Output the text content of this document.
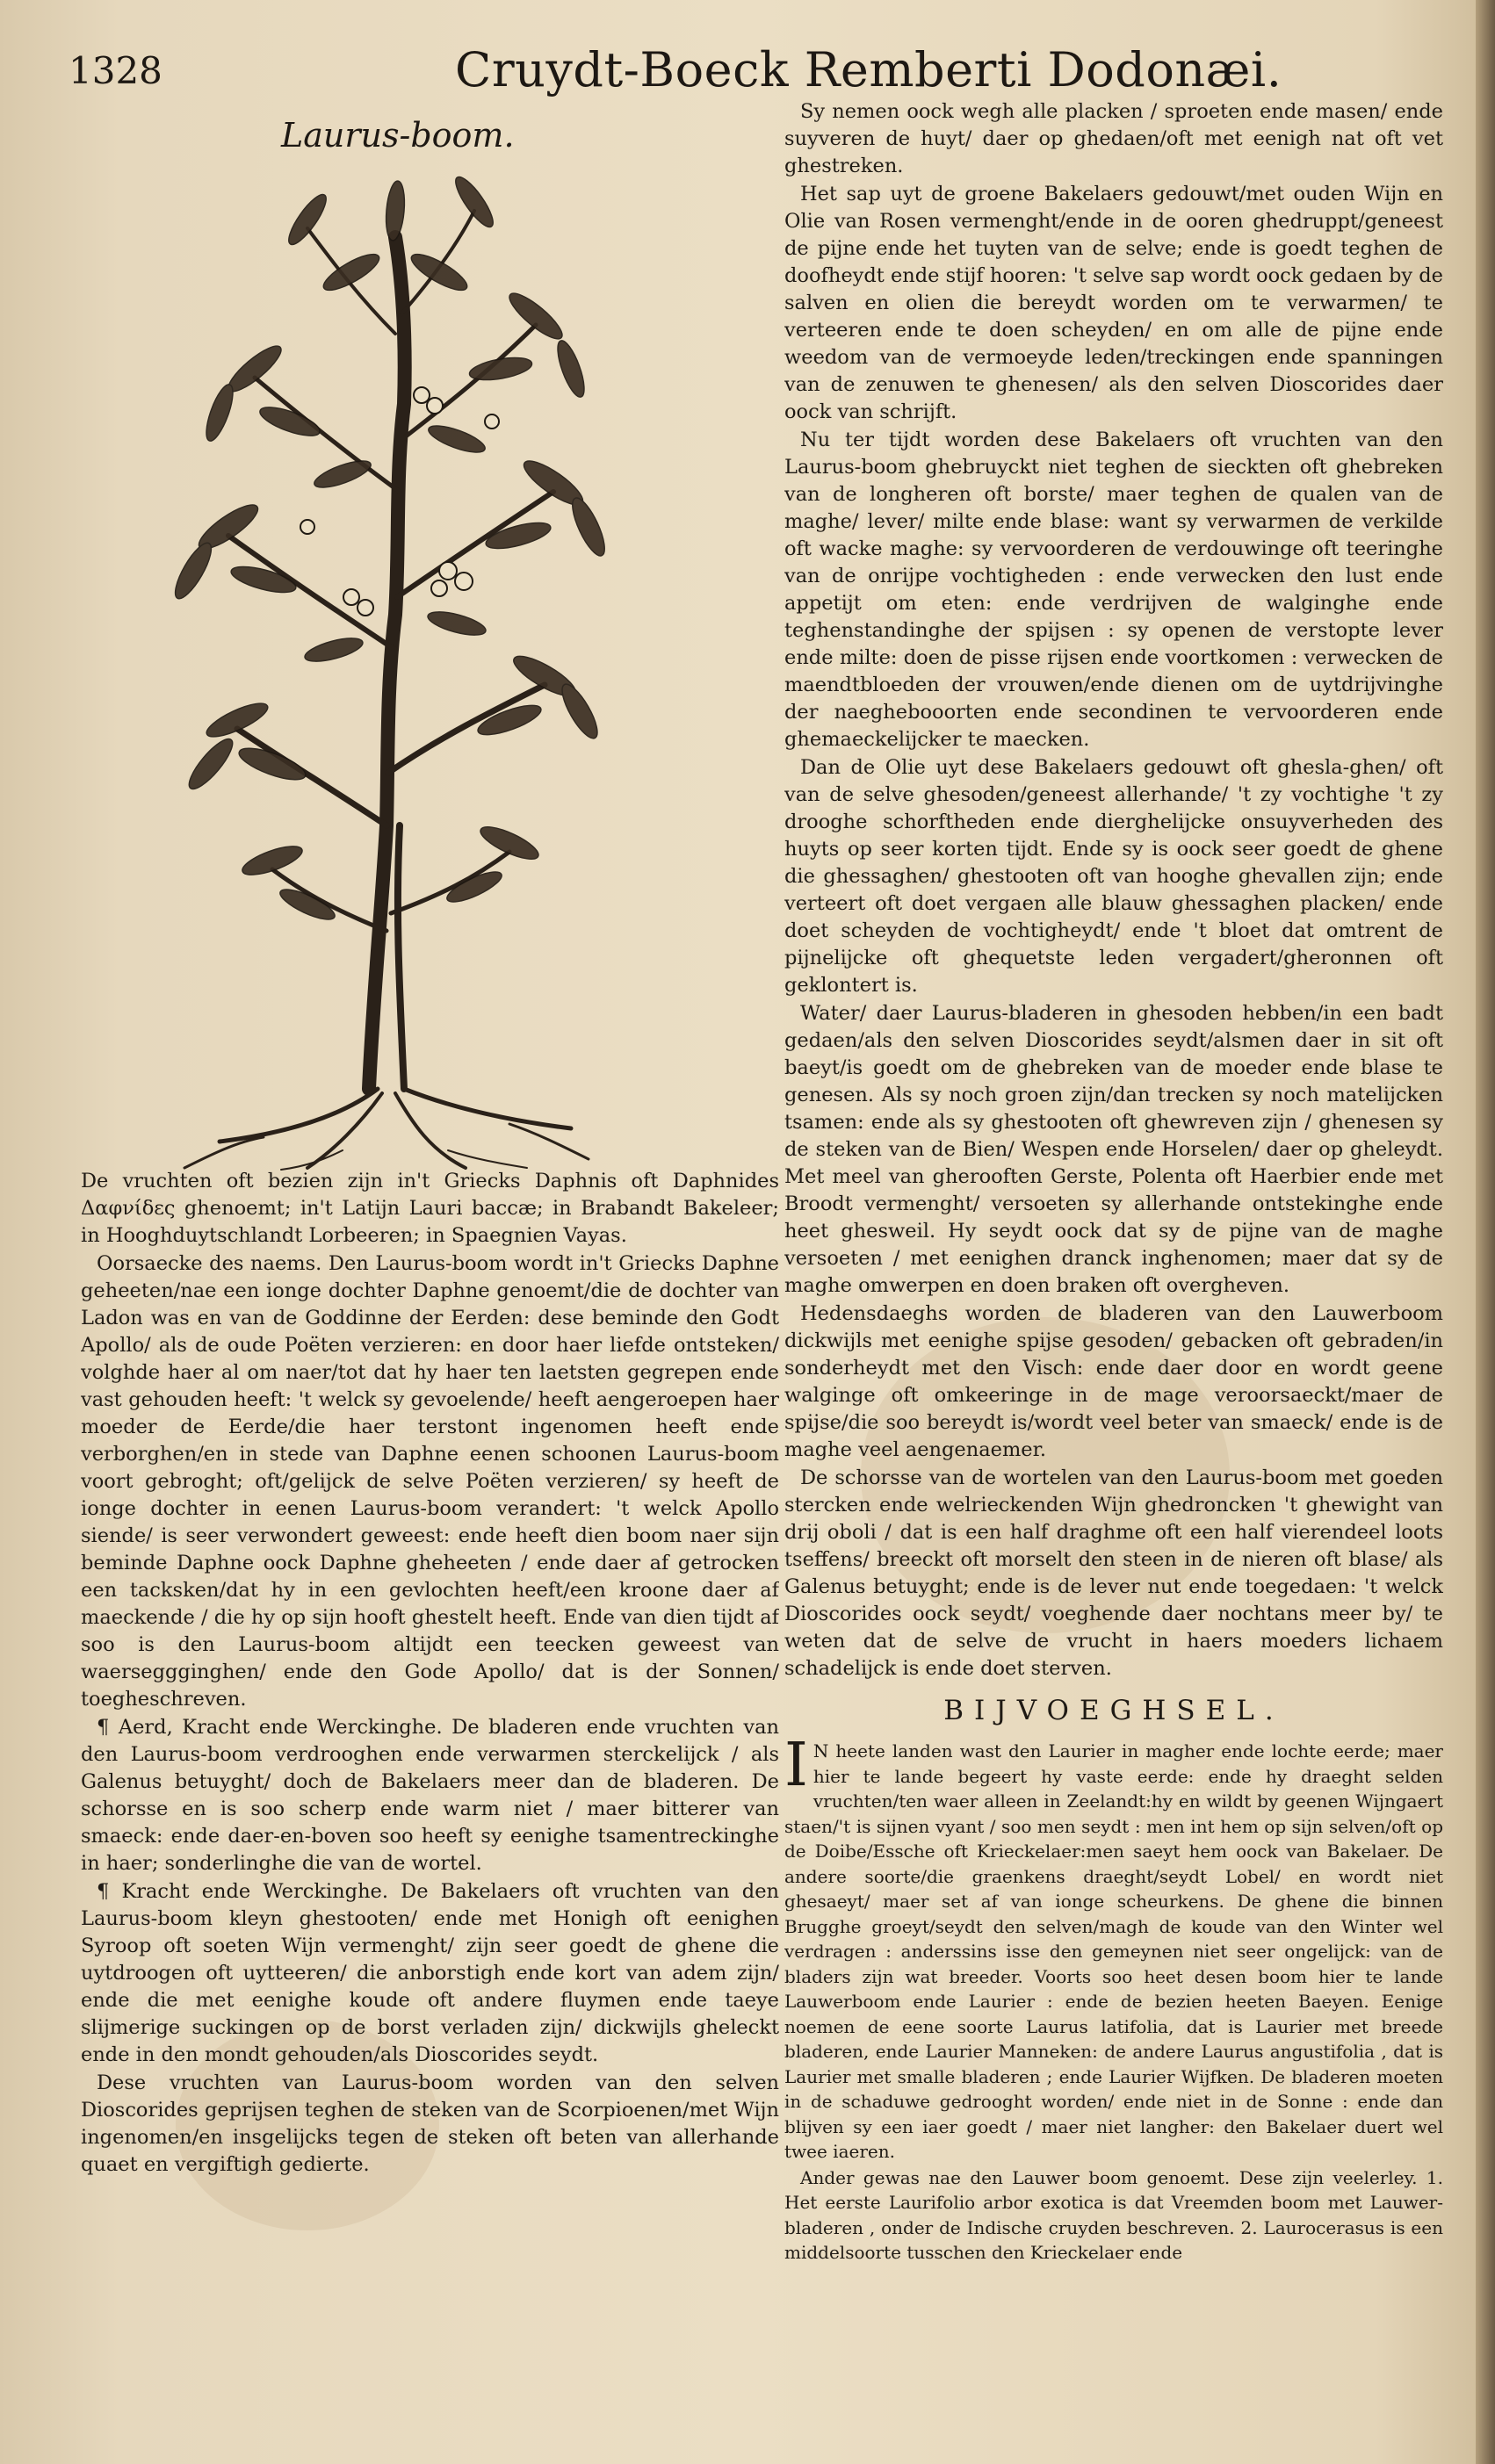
1328	Cruydt-Boeck Remberti Dodonæi.
Laurus-boom.

De vruchten oft bezien zijn in't Griecks Daphnis oft Daphnides Δαφνίδες ghenoemt; in't Latijn Lauri baccæ; in Brabandt Bakeleer; in Hooghduytschlandt Lorbeeren; in Spaegnien Vayas.

Oorsaecke des naems. Den Laurus-boom wordt in't Griecks Daphne geheeten/nae een ionge dochter Daphne genoemt/die de dochter van Ladon was en van de Goddinne der Eerden: dese beminde den Godt Apollo/ als de oude Poëten verzieren: en door haer liefde ontsteken/ volghde haer al om naer/tot dat hy haer ten laetsten gegrepen ende vast gehouden heeft: 't welck sy gevoelende/ heeft aengeroepen haer moeder de Eerde/die haer terstont ingenomen heeft ende verborghen/en in stede van Daphne eenen schoonen Laurus-boom voort gebroght; oft/gelijck de selve Poëten verzieren/ sy heeft de ionge dochter in eenen Laurus-boom verandert: 't welck Apollo siende/ is seer verwondert geweest: ende heeft dien boom naer sijn beminde Daphne oock Daphne gheheeten / ende daer af getrocken een tacksken/dat hy in een gevlochten heeft/een kroone daer af maeckende / die hy op sijn hooft ghestelt heeft. Ende van dien tijdt af soo is den Laurus-boom altijdt een teecken geweest van waerseggginghen/ ende den Gode Apollo/ dat is der Sonnen/ toegheschreven.

¶ Aerd, Kracht ende Werckinghe. De bladeren ende vruchten van den Laurus-boom verdrooghen ende verwarmen sterckelijck / als Galenus betuyght/ doch de Bakelaers meer dan de bladeren. De schorsse en is soo scherp ende warm niet / maer bitterer van smaeck: ende daer-en-boven soo heeft sy eenighe tsamentreckinghe in haer; sonderlinghe die van de wortel.

¶ Kracht ende Werckinghe. De Bakelaers oft vruchten van den Laurus-boom kleyn ghestooten/ ende met Honigh oft eenighen Syroop oft soeten Wijn vermenght/ zijn seer goedt de ghene die uytdroogen oft uytteeren/ die anborstigh ende kort van adem zijn/ ende die met eenighe koude oft andere fluymen ende taeye slijmerige suckingen op de borst verladen zijn/ dickwijls gheleckt ende in den mondt gehouden/als Dioscorides seydt.

Dese vruchten van Laurus-boom worden van den selven Dioscorides geprijsen teghen de steken van de Scorpioenen/met Wijn ingenomen/en insgelijcks tegen de steken oft beten van allerhande quaet en vergiftigh gedierte.

Sy nemen oock wegh alle placken / sproeten ende masen/ ende suyveren de huyt/ daer op ghedaen/oft met eenigh nat oft vet ghestreken.

Het sap uyt de groene Bakelaers gedouwt/met ouden Wijn en Olie van Rosen vermenght/ende in de ooren ghedruppt/geneest de pijne ende het tuyten van de selve; ende is goedt teghen de doofheydt ende stijf hooren: 't selve sap wordt oock gedaen by de salven en olien die bereydt worden om te verwarmen/ te verteeren ende te doen scheyden/ en om alle de pijne ende weedom van de vermoeyde leden/treckingen ende spanningen van de zenuwen te ghenesen/ als den selven Dioscorides daer oock van schrijft.

Nu ter tijdt worden dese Bakelaers oft vruchten van den Laurus-boom ghebruyckt niet teghen de sieckten oft ghebreken van de longheren oft borste/ maer teghen de qualen van de maghe/ lever/ milte ende blase: want sy verwarmen de verkilde oft wacke maghe: sy vervoorderen de verdouwinge oft teeringhe van de onrijpe vochtigheden : ende verwecken den lust ende appetijt om eten: ende verdrijven de walginghe ende teghenstandinghe der spijsen : sy openen de verstopte lever ende milte: doen de pisse rijsen ende voortkomen : verwecken de maendtbloeden der vrouwen/ende dienen om de uytdrijvinghe der naeghebooorten ende secondinen te vervoorderen ende ghemaeckelijcker te maecken.

Dan de Olie uyt dese Bakelaers gedouwt oft ghesla-ghen/ oft van de selve ghesoden/geneest allerhande/ 't zy vochtighe 't zy drooghe schorftheden ende dierghelijcke onsuyverheden des huyts op seer korten tijdt. Ende sy is oock seer goedt de ghene die ghessaghen/ ghestooten oft van hooghe ghevallen zijn; ende verteert oft doet vergaen alle blauw ghessaghen placken/ ende doet scheyden de vochtigheydt/ ende 't bloet dat omtrent de pijnelijcke oft ghequetste leden vergadert/gheronnen oft geklontert is.

Water/ daer Laurus-bladeren in ghesoden hebben/in een badt gedaen/als den selven Dioscorides seydt/alsmen daer in sit oft baeyt/is goedt om de ghebreken van de moeder ende blase te genesen. Als sy noch groen zijn/dan trecken sy noch matelijcken tsamen: ende als sy ghestooten oft ghewreven zijn / ghenesen sy de steken van de Bien/ Wespen ende Horselen/ daer op gheleydt. Met meel van gherooften Gerste, Polenta oft Haerbier ende met Broodt vermenght/ versoeten sy allerhande ontstekinghe ende heet ghesweil. Hy seydt oock dat sy de pijne van de maghe versoeten / met eenighen dranck inghenomen; maer dat sy de maghe omwerpen en doen braken oft overgheven.

Hedensdaeghs worden de bladeren van den Lauwerboom dickwijls met eenighe spijse gesoden/ gebacken oft gebraden/in sonderheydt met den Visch: ende daer door en wordt geene walginge oft omkeeringe in de mage veroorsaeckt/maer de spijse/die soo bereydt is/wordt veel beter van smaeck/ ende is de maghe veel aengenaemer.

De schorsse van de wortelen van den Laurus-boom met goeden stercken ende welrieckenden Wijn ghedroncken 't ghewight van drij oboli / dat is een half draghme oft een half vierendeel loots tseffens/ breeckt oft morselt den steen in de nieren oft blase/ als Galenus betuyght; ende is de lever nut ende toegedaen: 't welck Dioscorides oock seydt/ voeghende daer nochtans meer by/ te weten dat de selve de vrucht in haers moeders lichaem schadelijck is ende doet sterven.

BIJVOEGHSEL.

I N heete landen wast den Laurier in magher ende lochte eerde; maer hier te lande begeert hy vaste eerde: ende hy draeght selden vruchten/ten waer alleen in Zeelandt:hy en wildt by geenen Wijngaert staen/'t is sijnen vyant / soo men seydt : men int hem op sijn selven/oft op de Doibe/Essche oft Krieckelaer:men saeyt hem oock van Bakelaer. De andere soorte/die graenkens draeght/seydt Lobel/ en wordt niet ghesaeyt/ maer set af van ionge scheurkens. De ghene die binnen Brugghe groeyt/seydt den selven/magh de koude van den Winter wel verdragen : anderssins isse den gemeynen niet seer ongelijck: van de bladers zijn wat breeder. Voorts soo heet desen boom hier te lande Lauwerboom ende Laurier : ende de bezien heeten Baeyen. Eenige noemen de eene soorte Laurus latifolia, dat is Laurier met breede bladeren, ende Laurier Manneken: de andere Laurus angustifolia , dat is Laurier met smalle bladeren ; ende Laurier Wijfken. De bladeren moeten in de schaduwe gedrooght worden/ ende niet in de Sonne : ende dan blijven sy een iaer goedt / maer niet langher: den Bakelaer duert wel twee iaeren.

Ander gewas nae den Lauwer boom genoemt. Dese zijn veelerley. 1. Het eerste Laurifolio arbor exotica is dat Vreemden boom met Lauwer-bladeren , onder de Indische cruyden beschreven. 2. Laurocerasus is een middelsoorte tusschen den Krieckelaer ende
